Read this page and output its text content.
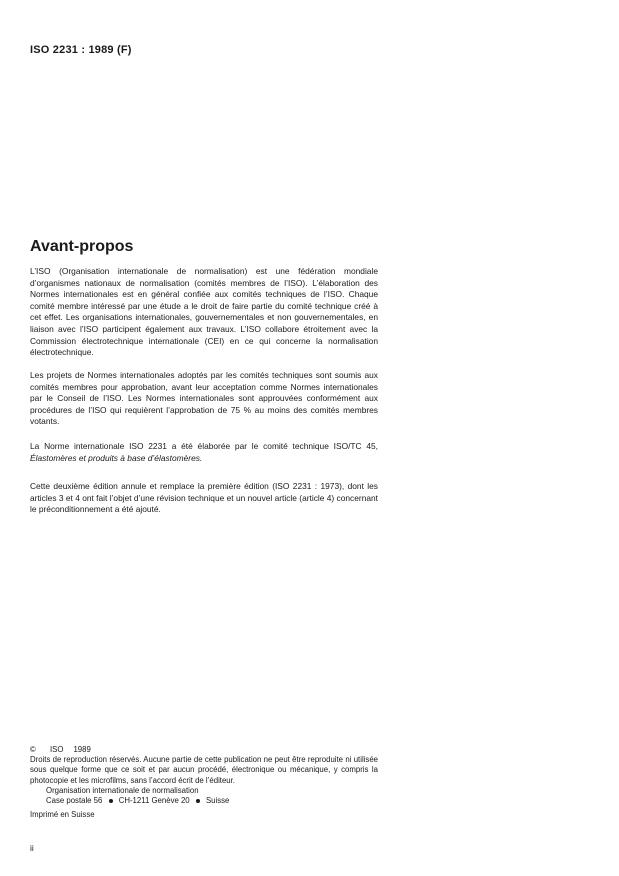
ISO 2231 : 1989 (F)
Avant-propos

L’ISO (Organisation internationale de normalisation) est une fédération mondiale d’organismes nationaux de normalisation (comités membres de l’ISO). L’élaboration des Normes internationales est en général confiée aux comités techniques de l’ISO. Chaque comité membre intéressé par une étude a le droit de faire partie du comité technique créé à cet effet. Les organisations internationales, gouvernementales et non gouvernementales, en liaison avec l’ISO participent également aux travaux. L’ISO collabore étroitement avec la Commission électrotechnique internationale (CEI) en ce qui concerne la normalisation électrotechnique.

Les projets de Normes internationales adoptés par les comités techniques sont soumis aux comités membres pour approbation, avant leur acceptation comme Normes internationales par le Conseil de l’ISO. Les Normes internationales sont approuvées conformément aux procédures de l’ISO qui requièrent l’approbation de 75 % au moins des comités membres votants.

La Norme internationale ISO 2231 a été élaborée par le comité technique ISO/TC 45, Élastomères et produits à base d’élastomères.

Cette deuxième édition annule et remplace la première édition (ISO 2231 : 1973), dont les articles 3 et 4 ont fait l’objet d’une révision technique et un nouvel article (article 4) concernant le préconditionnement a été ajouté.

©	ISO 1989

Droits de reproduction réservés. Aucune partie de cette publication ne peut être reproduite ni utilisée sous quelque forme que ce soit et par aucun procédé, électronique ou mécanique, y compris la photocopie et les microfilms, sans l’accord écrit de l’éditeur.

Organisation internationale de normalisation
Case postale 56 CH-1211 Genève 20 Suisse
Imprimé en Suisse
ii
